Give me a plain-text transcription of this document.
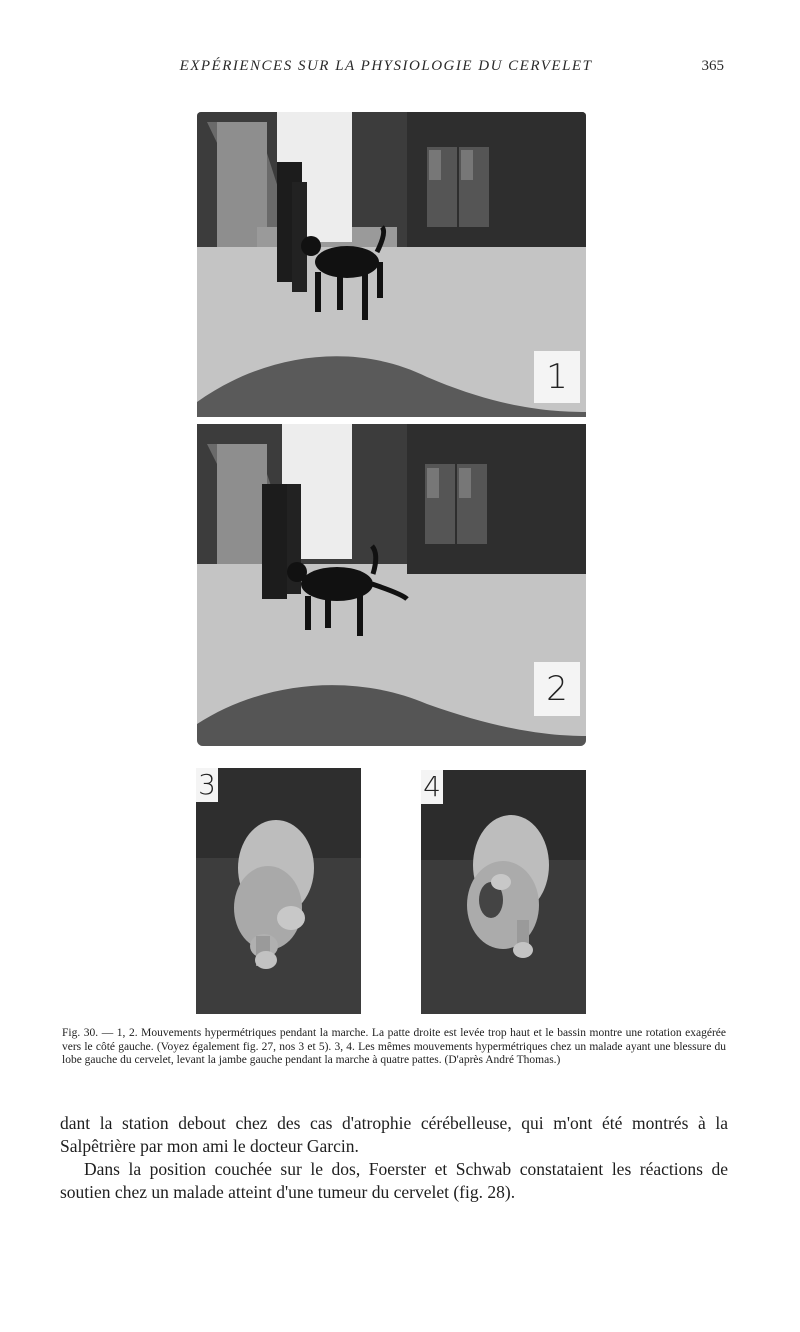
EXPÉRIENCES SUR LA PHYSIOLOGIE DU CERVELET	365
1
2
3	4
Fig. 30. — 1, 2. Mouvements hypermétriques pendant la marche. La patte droite est levée trop haut et le bassin montre une rotation exagérée vers le côté gauche. (Voyez également fig. 27, nos 3 et 5). 3, 4. Les mêmes mouvements hypermétriques chez un malade ayant une blessure du lobe gauche du cervelet, levant la jambe gauche pendant la marche à quatre pattes. (D'après André Thomas.)

dant la station debout chez des cas d'atrophie cérébelleuse, qui m'ont été montrés à la Salpêtrière par mon ami le docteur Garcin.

Dans la position couchée sur le dos, Foerster et Schwab constataient les réactions de soutien chez un malade atteint d'une tumeur du cervelet (fig. 28).
